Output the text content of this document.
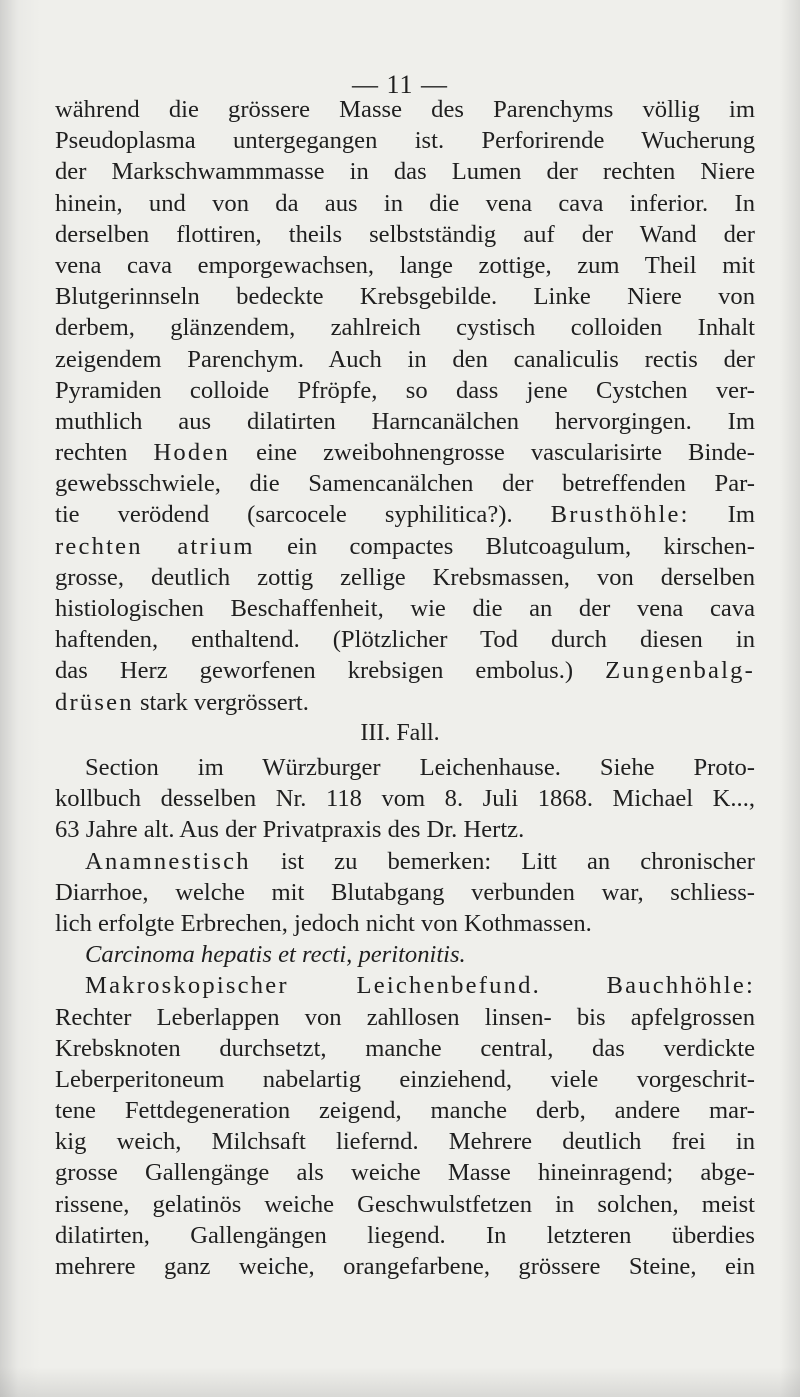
— 11 —
während die grössere Masse des Parenchyms völlig im
Pseudoplasma untergegangen ist. Perforirende Wucherung
der Markschwammmasse in das Lumen der rechten Niere
hinein, und von da aus in die vena cava inferior. In
derselben flottiren, theils selbstständig auf der Wand der
vena cava emporgewachsen, lange zottige, zum Theil mit
Blutgerinnseln bedeckte Krebsgebilde. Linke Niere von
derbem, glänzendem, zahlreich cystisch colloiden Inhalt
zeigendem Parenchym. Auch in den canaliculis rectis der
Pyramiden colloide Pfröpfe, so dass jene Cystchen ver-
muthlich aus dilatirten Harncanälchen hervorgingen. Im
rechten Hoden eine zweibohnengrosse vascularisirte Binde-
gewebsschwiele, die Samencanälchen der betreffenden Par-
tie verödend (sarcocele syphilitica?). Brusthöhle: Im
rechten atrium ein compactes Blutcoagulum, kirschen-
grosse, deutlich zottig zellige Krebsmassen, von derselben
histiologischen Beschaffenheit, wie die an der vena cava
haftenden, enthaltend. (Plötzlicher Tod durch diesen in
das Herz geworfenen krebsigen embolus.) Zungenbalg-
drüsen stark vergrössert.
III. Fall.
Section im Würzburger Leichenhause. Siehe Proto-
kollbuch desselben Nr. 118 vom 8. Juli 1868. Michael K...,
63 Jahre alt. Aus der Privatpraxis des Dr. Hertz.
Anamnestisch ist zu bemerken: Litt an chronischer
Diarrhoe, welche mit Blutabgang verbunden war, schliess-
lich erfolgte Erbrechen, jedoch nicht von Kothmassen.
Carcinoma hepatis et recti, peritonitis.
Makroskopischer Leichenbefund.	Bauchhöhle:
Rechter Leberlappen von zahllosen linsen- bis apfelgrossen
Krebsknoten durchsetzt, manche central, das verdickte
Leberperitoneum nabelartig einziehend, viele vorgeschrit-
tene Fettdegeneration zeigend, manche derb, andere mar-
kig weich, Milchsaft liefernd. Mehrere deutlich frei in
grosse Gallengänge als weiche Masse hineinragend; abge-
rissene, gelatinös weiche Geschwulstfetzen in solchen, meist
dilatirten, Gallengängen liegend. In letzteren überdies
mehrere ganz weiche, orangefarbene, grössere Steine, ein
